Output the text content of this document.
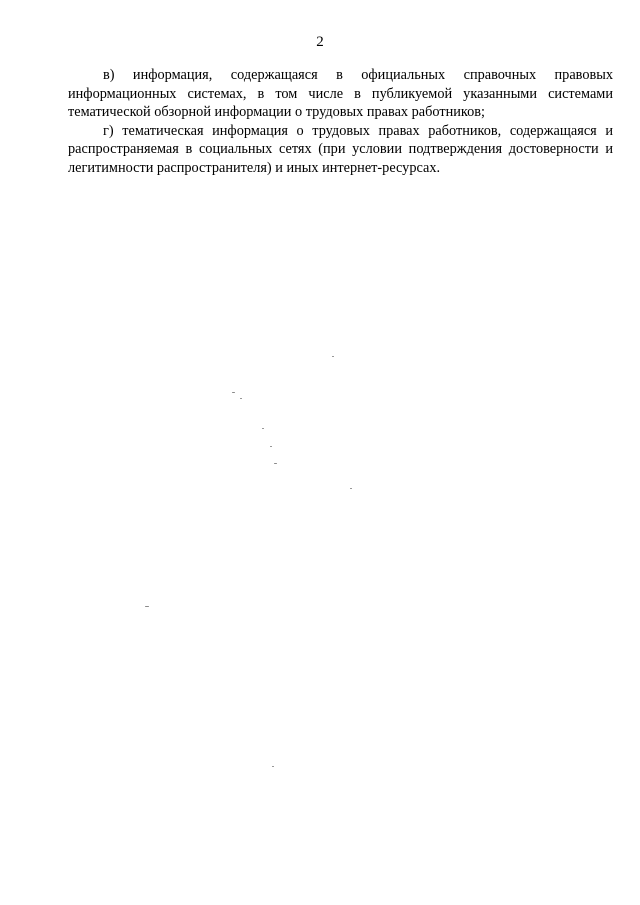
2

в) информация, содержащаяся в официальных справочных правовых информационных системах, в том числе в публикуемой указанными системами тематической обзорной информации о трудовых правах работников;

г) тематическая информация о трудовых правах работников, содержащаяся и распространяемая в социальных сетях (при условии подтверждения достоверности и легитимности распространителя) и иных интернет-ресурсах.
